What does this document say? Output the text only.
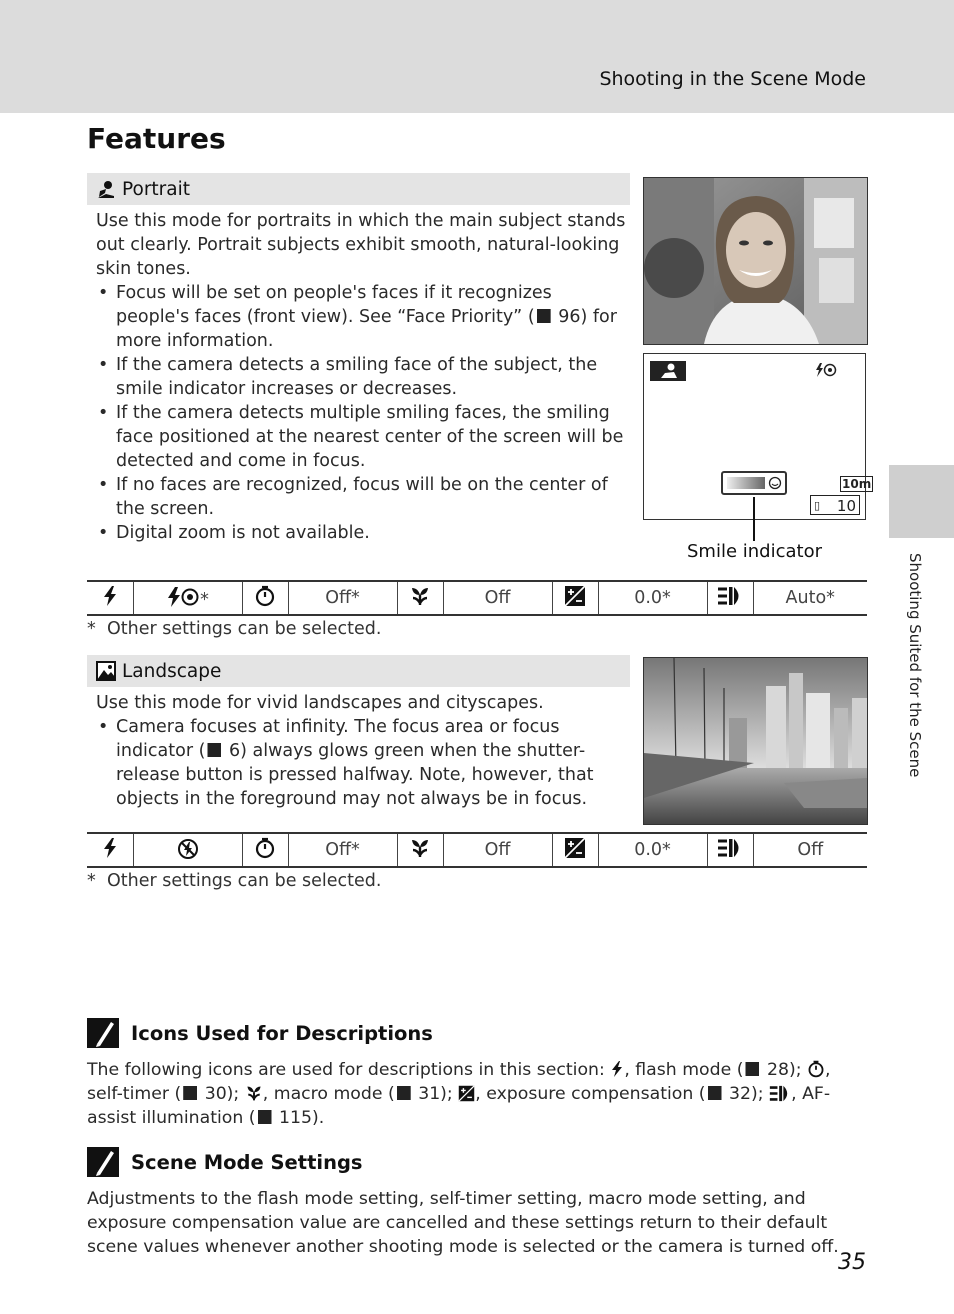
Shooting in the Scene Mode
Shooting Suited for the Scene
Features
Portrait

Use this mode for portraits in which the main subject stands out clearly. Portrait subjects exhibit smooth, natural-looking skin tones.

• Focus will be set on people's faces if it recognizes people's faces (front view). See “Face Priority” ( 96) for more information.
• If the camera detects a smiling face of the subject, the smile indicator increases or decreases.
• If the camera detects multiple smiling faces, the smiling face positioned at the nearest center of the screen will be detected and come in focus.
• If no faces are recognized, focus will be on the center of the screen.
• Digital zoom is not available.
10m
▯ 10
Smile indicator
	*		Off*		Off		0.0*		Auto*
* Other settings can be selected.
Landscape

Use this mode for vivid landscapes and cityscapes.

• Camera focuses at infinity. The focus area or focus indicator ( 6) always glows green when the shutter-release button is pressed halfway. Note, however, that objects in the foreground may not always be in focus.
			Off*		Off		0.0*		Off
* Other settings can be selected.
Icons Used for Descriptions

The following icons are used for descriptions in this section: , flash mode ( 28); , self-timer ( 30); , macro mode ( 31); , exposure compensation ( 32); , AF-assist illumination ( 115).

Scene Mode Settings

Adjustments to the flash mode setting, self-timer setting, macro mode setting, and exposure compensation value are cancelled and these settings return to their default scene values whenever another shooting mode is selected or the camera is turned off.

35
